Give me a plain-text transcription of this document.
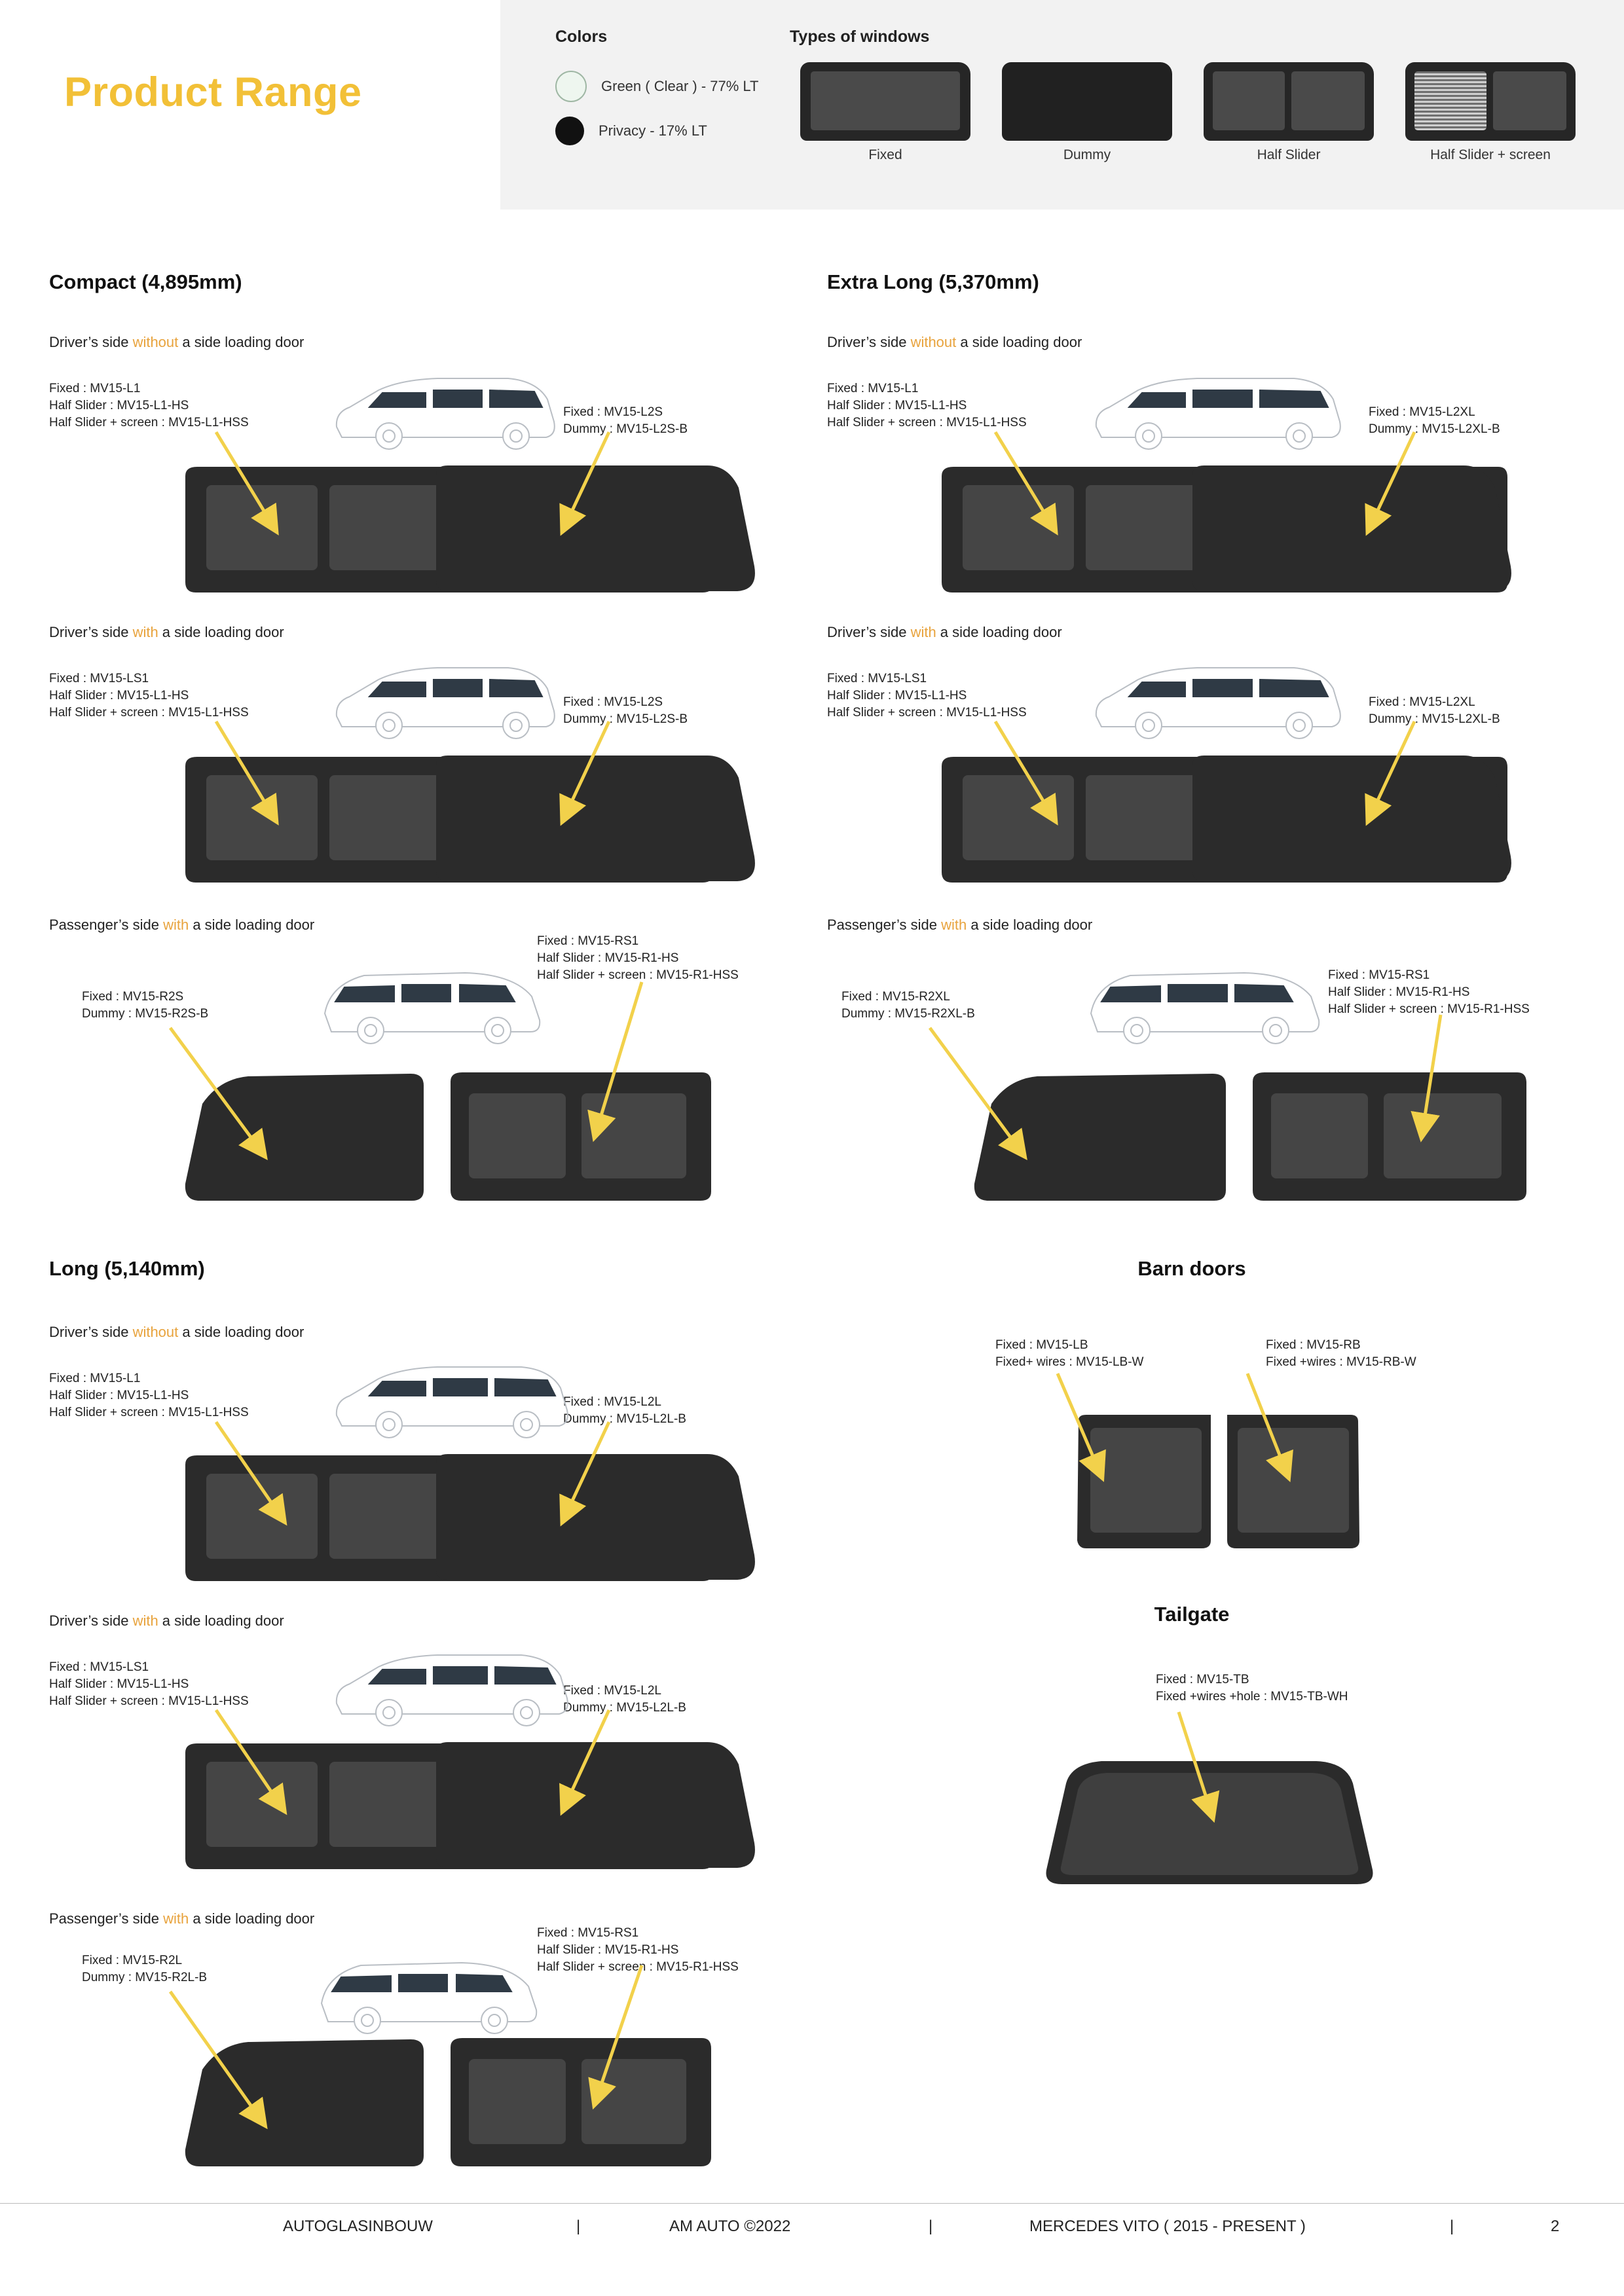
Product Range
Colors
Green ( Clear ) - 77% LT
Privacy - 17% LT
Types of windows
Fixed	Dummy	Half Slider	Half Slider + screen
Compact (4,895mm)
Driver’s side without a side loading door
Fixed : MV15-L1
Half Slider : MV15-L1-HS
Half Slider + screen : MV15-L1-HSS
Fixed : MV15-L2S
Dummy : MV15-L2S-B
Driver’s side with a side loading door
Fixed : MV15-LS1
Half Slider : MV15-L1-HS
Half Slider + screen : MV15-L1-HSS
Fixed : MV15-L2S
Dummy : MV15-L2S-B
Passenger’s side with a side loading door
Fixed : MV15-R2S
Dummy : MV15-R2S-B
Fixed : MV15-RS1
Half Slider : MV15-R1-HS
Half Slider + screen : MV15-R1-HSS
Extra Long (5,370mm)
Driver’s side without a side loading door
Fixed : MV15-L1
Half Slider : MV15-L1-HS
Half Slider + screen : MV15-L1-HSS
Fixed : MV15-L2XL
Dummy : MV15-L2XL-B
Driver’s side with a side loading door
Fixed : MV15-LS1
Half Slider : MV15-L1-HS
Half Slider + screen : MV15-L1-HSS
Fixed : MV15-L2XL
Dummy : MV15-L2XL-B
Passenger’s side with a side loading door
Fixed : MV15-R2XL
Dummy : MV15-R2XL-B
Fixed : MV15-RS1
Half Slider : MV15-R1-HS
Half Slider + screen : MV15-R1-HSS
Long (5,140mm)
Driver’s side without a side loading door
Fixed : MV15-L1
Half Slider : MV15-L1-HS
Half Slider + screen : MV15-L1-HSS
Fixed : MV15-L2L
Dummy : MV15-L2L-B
Driver’s side with a side loading door
Fixed : MV15-LS1
Half Slider : MV15-L1-HS
Half Slider + screen : MV15-L1-HSS
Fixed : MV15-L2L
Dummy : MV15-L2L-B
Passenger’s side with a side loading door
Fixed : MV15-R2L
Dummy : MV15-R2L-B
Fixed : MV15-RS1
Half Slider : MV15-R1-HS
Half Slider + screen : MV15-R1-HSS
Barn doors
Fixed : MV15-LB
Fixed+ wires : MV15-LB-W
Fixed : MV15-RB
Fixed +wires : MV15-RB-W
Tailgate
Fixed : MV15-TB
Fixed +wires +hole : MV15-TB-WH
AUTOGLASINBOUW	|	AM AUTO ©2022	|	MERCEDES VITO ( 2015 - PRESENT )	|	2
